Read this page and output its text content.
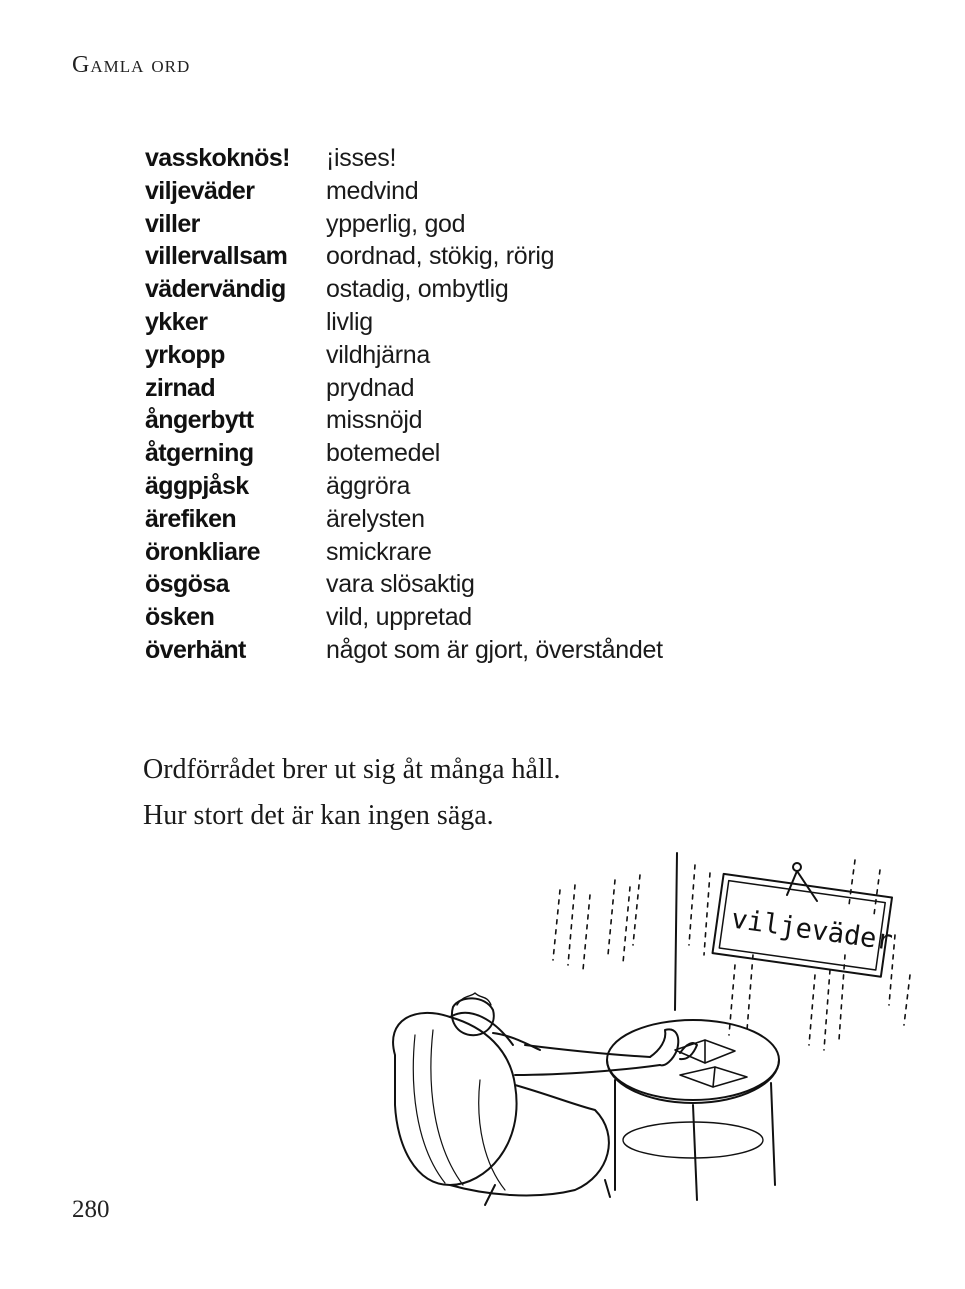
Gamla ord
vasskoknös!	¡isses!
viljeväder	medvind
viller	ypperlig, god
villervallsam	oordnad, stökig, rörig
vädervändig	ostadig, ombytlig
ykker	livlig
yrkopp	vildhjärna
zirnad	prydnad
ångerbytt	missnöjd
åtgerning	botemedel
äggpjåsk	äggröra
ärefiken	ärelysten
öronkliare	smickrare
ösgösa	vara slösaktig
ösken	vild, uppretad
överhänt	något som är gjort, överståndet
Ordförrådet brer ut sig åt många håll.
Hur stort det är kan ingen säga.
viljeväder
280
